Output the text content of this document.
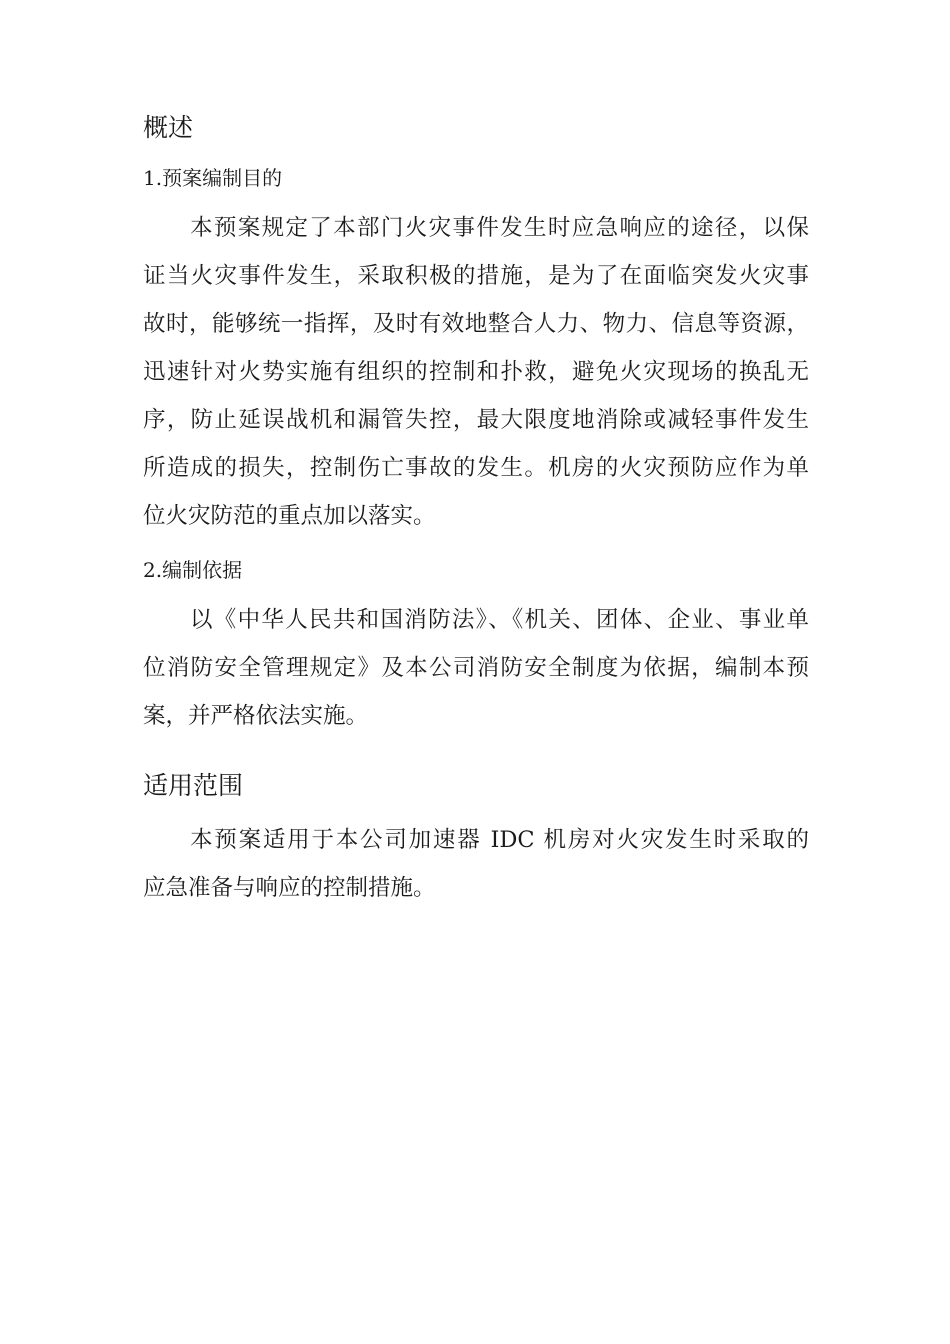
概述
1.预案编制目的
本预案规定了本部门火灾事件发生时应急响应的途径，以保
证当火灾事件发生，采取积极的措施，是为了在面临突发火灾事
故时，能够统一指挥，及时有效地整合人力、物力、信息等资源，
迅速针对火势实施有组织的控制和扑救，避免火灾现场的换乱无
序，防止延误战机和漏管失控，最大限度地消除或减轻事件发生
所造成的损失，控制伤亡事故的发生。机房的火灾预防应作为单
位火灾防范的重点加以落实。
2.编制依据
以《中华人民共和国消防法》、《机关、团体、企业、事业单
位消防安全管理规定》及本公司消防安全制度为依据，编制本预
案，并严格依法实施。
适用范围
本预案适用于本公司加速器 IDC 机房对火灾发生时采取的
应急准备与响应的控制措施。
